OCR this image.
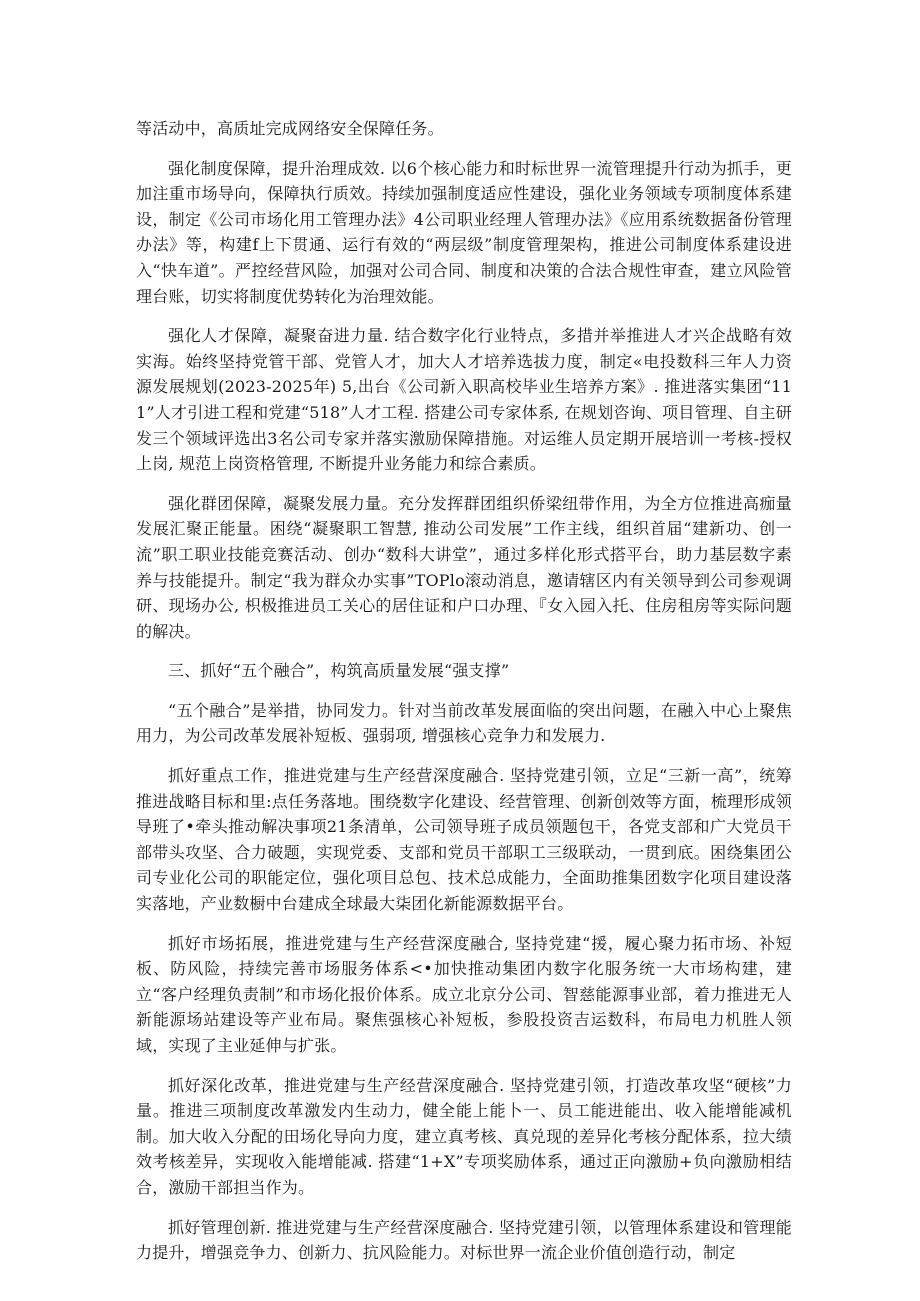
等活动中，高质址完成网络安全保障任务。

强化制度保障，提升治理成效. 以6个核心能力和时标世界一流管理提升行动为抓手，更加注重市场导向，保障执行质效。持续加强制度适应性建设，强化业务领域专项制度体系建设，制定《公司市场化用工管理办法》4公司职业经理人管理办法》《应用系统数据备份管理办法》等，构建f上下贯通、运行有效的“两层级”制度管理架构，推进公司制度体系建设进入“快车道”。严控经营风险，加强对公司合同、制度和决策的合法合规性审查，建立风险管理台账，切实将制度优势转化为治理效能。

强化人才保障，凝聚奋进力量. 结合数字化行业特点，多措并举推进人才兴企战略有效实海。始终坚持党管干部、党管人才，加大人才培养选拔力度，制定«电投数科三年人力资源发展规划(2023-2025年) 5,出台《公司新入职高校毕业生培养方案》. 推进落实集团“111”人才引进工程和党建“518”人才工程. 搭建公司专家体系, 在规划咨询、项目管理、自主研发三个领域评选出3名公司专家并落实激励保障措施。对运维人员定期开展培训一考核-授权上岗, 规范上岗资格管理, 不断提升业务能力和综合素质。

强化群团保障，凝聚发展力量。充分发挥群团组织侨梁纽带作用，为全方位推进高痂量发展汇聚正能量。困绕“凝聚职工智慧, 推动公司发展”工作主线，组织首届“建新功、创一流”职工职业技能竞赛活动、创办“数科大讲堂”，通过多样化形式搭平台，助力基层数字素养与技能提升。制定“我为群众办实事”TOPlo滚动消息，邀请辖区内有关领导到公司参观调研、现场办公, 枳极推进员工关心的居住证和户口办理、『女入园入托、住房租房等实际问题的解决。

三、抓好“五个融合”，构筑高质量发展“强支撑”

“五个融合”是举措，协同发力。针对当前改革发展面临的突出问题，在融入中心上聚焦用力，为公司改革发展补短板、强弱项, 增强核心竞争力和发展力.

抓好重点工作，推进党建与生产经营深度融合. 坚持党建引领，立足“三新一高”，统筹推进战略目标和里:点任务落地。围绕数字化建设、经营管理、创新创效等方面，梳理形成领导班了•牵头推动解决事项21条清单，公司领导班子成员领题包干，各党支部和广大党员干部带头攻坚、合力破题，实现党委、支部和党员干部职工三级联动，一贯到底。困绕集团公司专业化公司的职能定位，强化项目总包、技术总成能力，全面助推集团数字化项目建设落实落地，产业数橱中台建成全球最大柒团化新能源数据平台。

抓好市场拓展，推进党建与生产经营深度融合, 坚持党建“援，履心聚力拓市场、补短板、防风险，持续完善市场服务体系<•加快推动集团内数字化服务统一大市场构建，建立“客户经理负责制”和市场化报价体系。成立北京分公司、智慈能源事业部，着力推进无人新能源场站建设等产业布局。聚焦强核心补短板，参股投资吉运数科，布局电力机胜人领域，实现了主业延伸与扩张。

抓好深化改革，推进党建与生产经营深度融合. 坚持党建引领，打造改革攻坚“硬核”力量。推进三项制度改革激发内生动力，健全能上能卜一、员工能进能出、收入能增能减机制。加大收入分配的田场化导向力度，建立真考核、真兑现的差异化考核分配体系，拉大绩效考核差异，实现收入能增能减. 搭建“1+X”专项奖励体系，通过正向激励+负向激励相结合，激励干部担当作为。

抓好管理创新. 推进党建与生产经营深度融合. 坚持党建引领，以管理体系建设和管理能力提升，增强竞争力、创新力、抗风险能力。对标世界一流企业价值创造行动，制定
